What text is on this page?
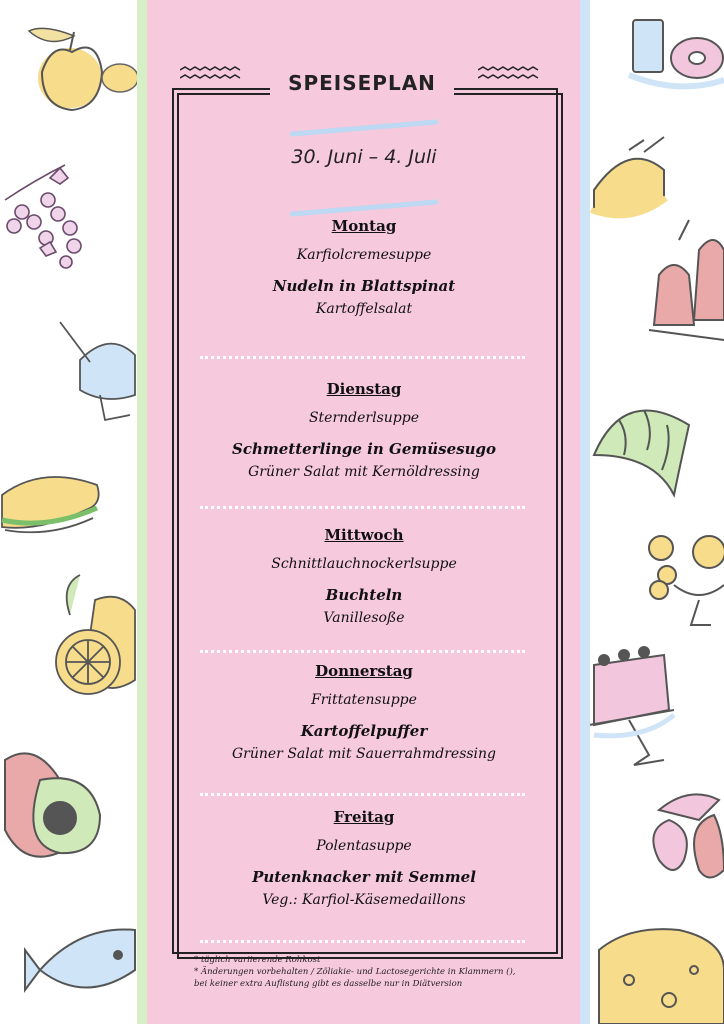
SPEISEPLAN
30. Juni – 4. Juli
Montag
Karfiolcremesuppe
Nudeln in Blattspinat
Kartoffelsalat
Dienstag
Sternderlsuppe
Schmetterlinge in Gemüsesugo
Grüner Salat mit Kernöldressing
Mittwoch
Schnittlauchnockerlsuppe
Buchteln
Vanillesoße
Donnerstag
Frittatensuppe
Kartoffelpuffer
Grüner Salat mit Sauerrahmdressing
Freitag
Polentasuppe
Putenknacker mit Semmel
Veg.: Karfiol-Käsemedaillons
* täglich variierende Rohkost
* Änderungen vorbehalten / Zöliakie- und Lactosegerichte in Klammern (),
bei keiner extra Auflistung gibt es dasselbe nur in Diätversion
